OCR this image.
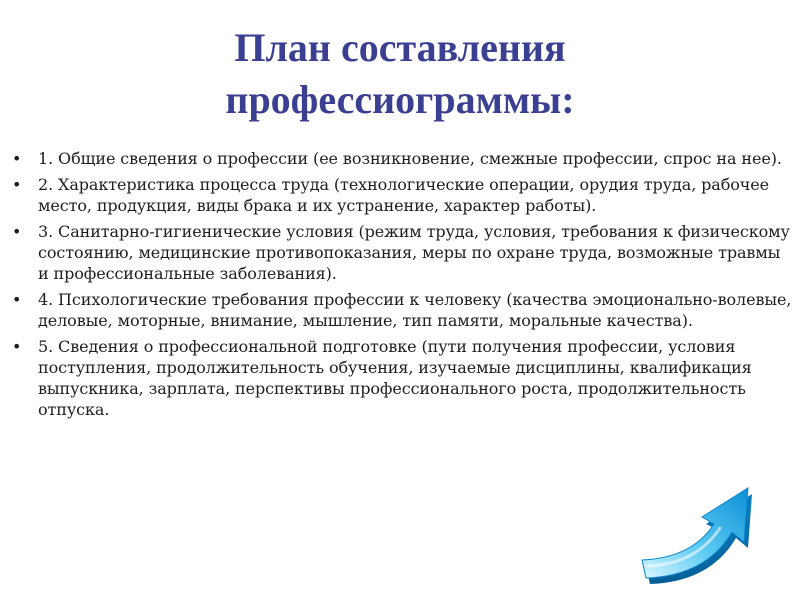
План составления
профессиограммы:
• 1. Общие сведения о профессии (ее возникновение, смежные профессии, спрос на нее).
• 2. Характеристика процесса труда (технологические операции, орудия труда, рабочее место, продукция, виды брака и их устранение, характер работы).
• 3. Санитарно-гигиенические условия (режим труда, условия, требования к физическому состоянию, медицинские противопоказания, меры по охране труда, возможные травмы и профессиональные заболевания).
• 4. Психологические требования профессии к человеку (качества эмоционально-волевые, деловые, моторные, внимание, мышление, тип памяти, моральные качества).
• 5. Сведения о профессиональной подготовке (пути получения профессии, условия поступления, продолжительность обучения, изучаемые дисциплины, квалификация выпускника, зарплата, перспективы профессионального роста, продолжительность отпуска.
